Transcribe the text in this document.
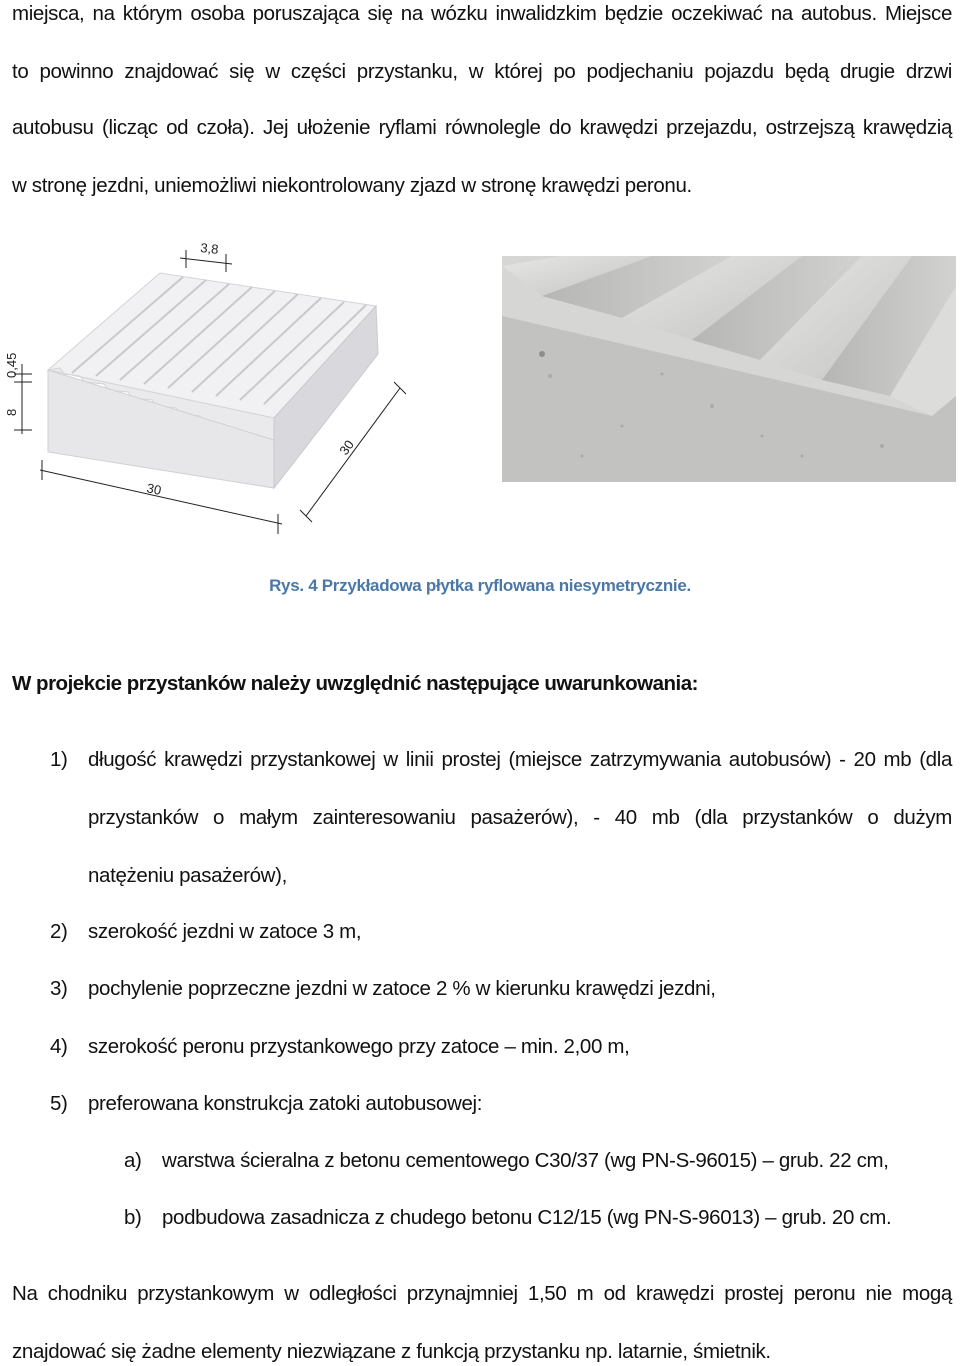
miejsca, na którym osoba poruszająca się na wózku inwalidzkim będzie oczekiwać na autobus. Miejsce
to powinno znajdować się w części przystanku, w której po podjechaniu pojazdu będą drugie drzwi
autobusu (licząc od czoła). Jej ułożenie ryflami równolegle do krawędzi przejazdu, ostrzejszą krawędzią
w stronę jezdni, uniemożliwi niekontrolowany zjazd w stronę krawędzi peronu.
3,8
0,45
8
30
30
Rys. 4 Przykładowa płytka ryflowana niesymetrycznie.
W projekcie przystanków należy uwzględnić następujące uwarunkowania:
1) długość krawędzi przystankowej w linii prostej (miejsce zatrzymywania autobusów) - 20 mb (dla
przystanków o małym zainteresowaniu pasażerów), - 40 mb (dla przystanków o dużym
natężeniu pasażerów),
2) szerokość jezdni w zatoce 3 m,
3) pochylenie poprzeczne jezdni w zatoce 2 % w kierunku krawędzi jezdni,
4) szerokość peronu przystankowego przy zatoce – min. 2,00 m,
5) preferowana konstrukcja zatoki autobusowej:
a) warstwa ścieralna z betonu cementowego C30/37 (wg PN-S-96015) – grub. 22 cm,
b) podbudowa zasadnicza z chudego betonu C12/15 (wg PN-S-96013) – grub. 20 cm.
Na chodniku przystankowym w odległości przynajmniej 1,50 m od krawędzi prostej peronu nie mogą
znajdować się żadne elementy niezwiązane z funkcją przystanku np. latarnie, śmietnik.
